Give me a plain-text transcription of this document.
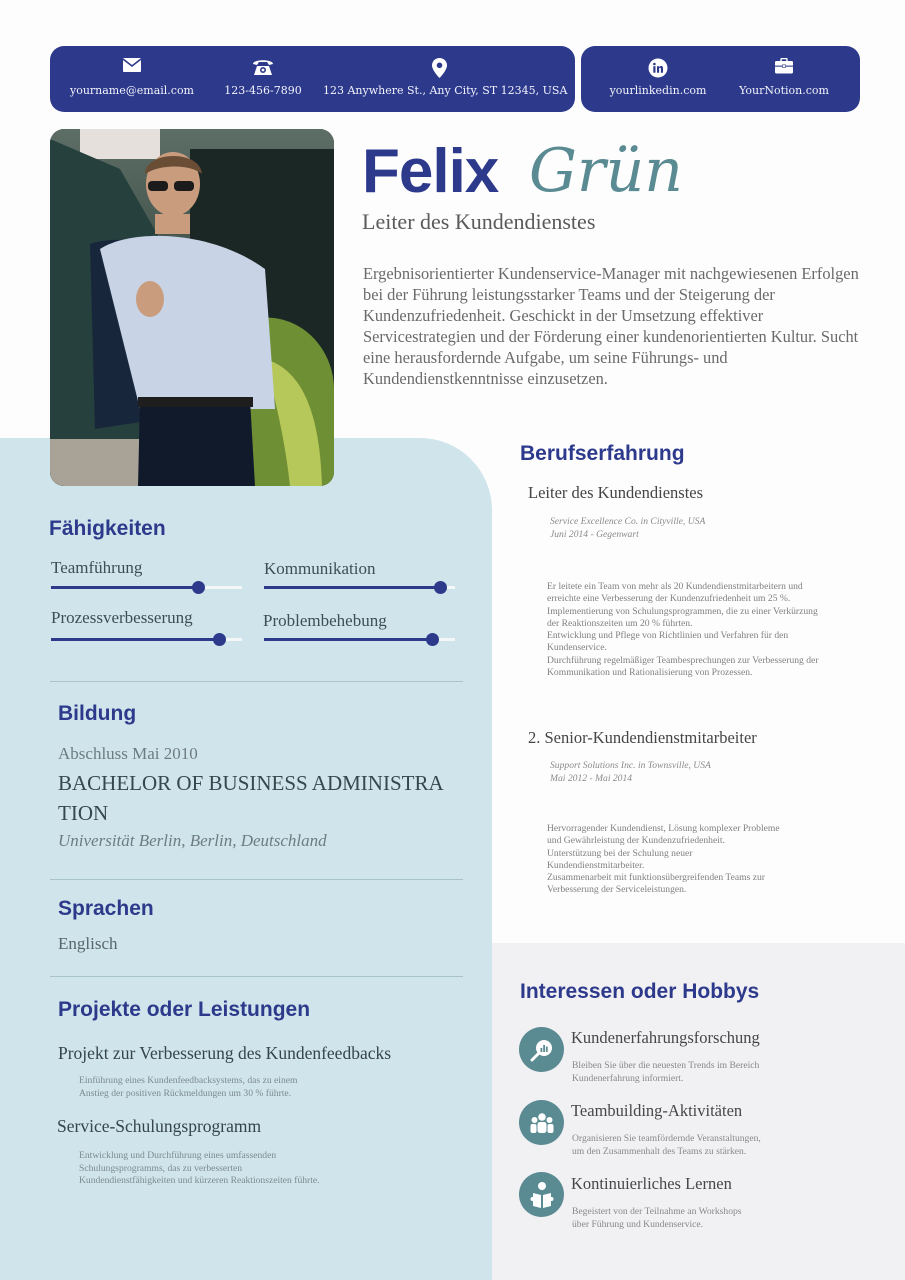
yourname@email.com	123-456-7890 123 Anywhere St., Any City, ST 12345, USA	yourlinkedin.com	YourNotion.com
Felix Grün
Leiter des Kundendienstes
Ergebnisorientierter Kundenservice-Manager mit nachgewiesenen Erfolgen bei der Führung leistungsstarker Teams und der Steigerung der Kundenzufriedenheit. Geschickt in der Umsetzung effektiver Servicestrategien und der Förderung einer kundenorientierten Kultur. Sucht eine herausfordernde Aufgabe, um seine Führungs- und Kundendienstkenntnisse einzusetzen.
Fähigkeiten
Teamführung	Kommunikation
Prozessverbesserung	Problembehebung
Bildung
Abschluss Mai 2010
BACHELOR OF BUSINESS ADMINISTRATION
Universität Berlin, Berlin, Deutschland
Sprachen
Englisch
Projekte oder Leistungen
Projekt zur Verbesserung des Kundenfeedbacks
Einführung eines Kundenfeedbacksystems, das zu einem
Anstieg der positiven Rückmeldungen um 30 % führte.
Service-Schulungsprogramm
Entwicklung und Durchführung eines umfassenden
Schulungsprogramms, das zu verbesserten
Kundendienstfähigkeiten und kürzeren Reaktionszeiten führte.
Berufserfahrung
Leiter des Kundendienstes
Service Excellence Co. in Cityville, USA
Juni 2014 - Gegenwart
Er leitete ein Team von mehr als 20 Kundendienstmitarbeitern und
erreichte eine Verbesserung der Kundenzufriedenheit um 25 %.
Implementierung von Schulungsprogrammen, die zu einer Verkürzung
der Reaktionszeiten um 20 % führten.
Entwicklung und Pflege von Richtlinien und Verfahren für den
Kundenservice.
Durchführung regelmäßiger Teambesprechungen zur Verbesserung der
Kommunikation und Rationalisierung von Prozessen.
2. Senior-Kundendienstmitarbeiter
Support Solutions Inc. in Townsville, USA
Mai 2012 - Mai 2014
Hervorragender Kundendienst, Lösung komplexer Probleme
und Gewährleistung der Kundenzufriedenheit.
Unterstützung bei der Schulung neuer
Kundendienstmitarbeiter.
Zusammenarbeit mit funktionsübergreifenden Teams zur
Verbesserung der Serviceleistungen.
Interessen oder Hobbys
Kundenerfahrungsforschung
Bleiben Sie über die neuesten Trends im Bereich
Kundenerfahrung informiert.
Teambuilding-Aktivitäten
Organisieren Sie teamfördernde Veranstaltungen,
um den Zusammenhalt des Teams zu stärken.
Kontinuierliches Lernen
Begeistert von der Teilnahme an Workshops
über Führung und Kundenservice.
